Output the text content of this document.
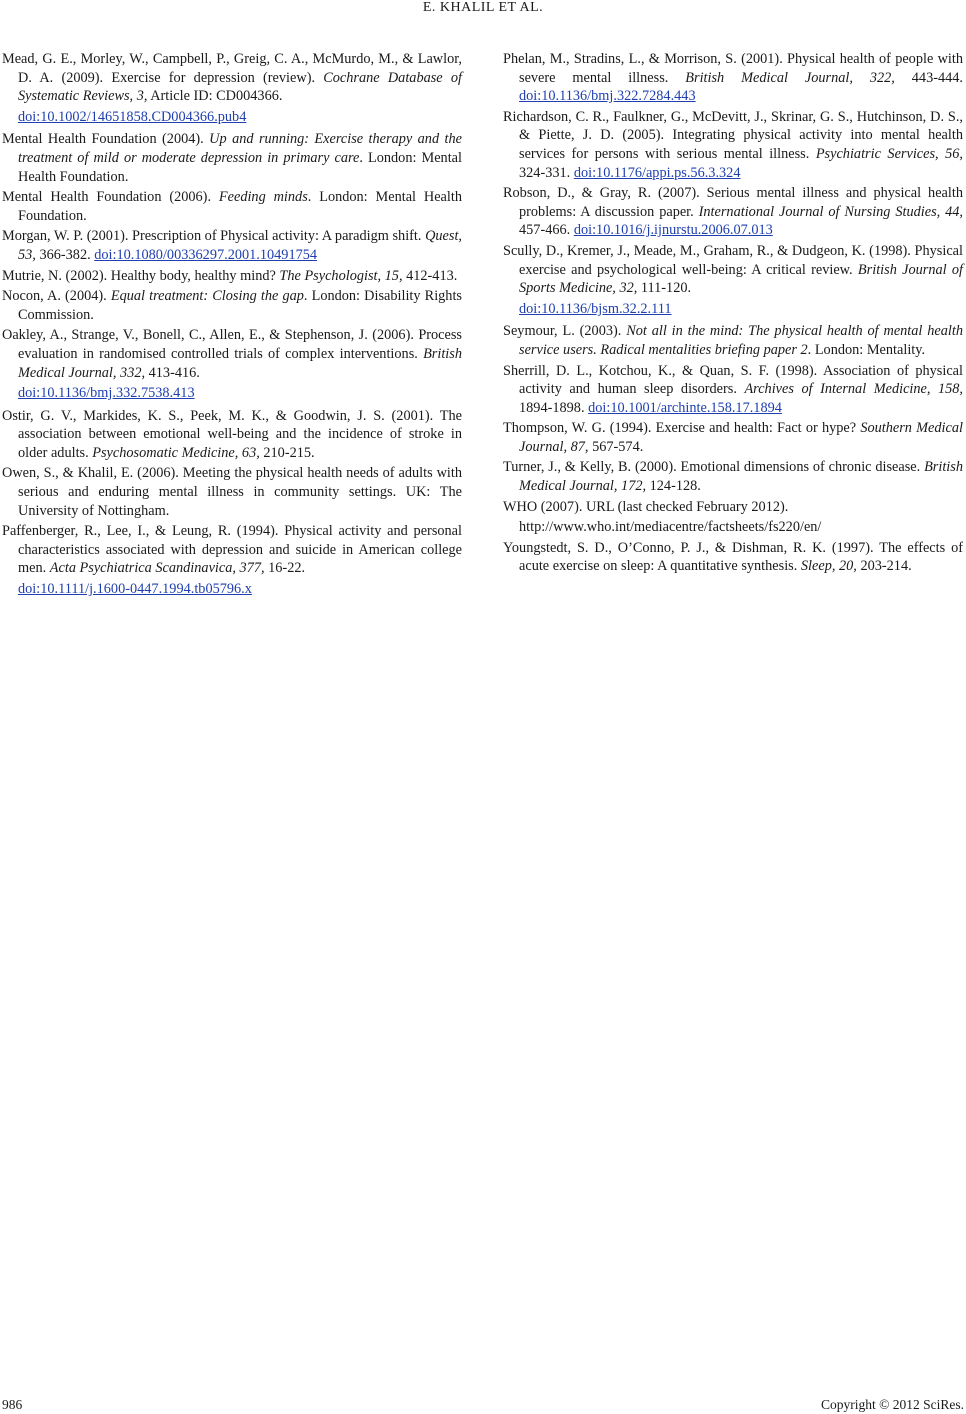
E. KHALIL ET AL.

Mead, G. E., Morley, W., Campbell, P., Greig, C. A., McMurdo, M., & Lawlor, D. A. (2009). Exercise for depression (review). Cochrane Database of Systematic Reviews, 3, Article ID: CD004366.
doi:10.1002/14651858.CD004366.pub4

Mental Health Foundation (2004). Up and running: Exercise therapy and the treatment of mild or moderate depression in primary care. London: Mental Health Foundation.

Mental Health Foundation (2006). Feeding minds. London: Mental Health Foundation.

Morgan, W. P. (2001). Prescription of Physical activity: A paradigm shift. Quest, 53, 366-382. doi:10.1080/00336297.2001.10491754

Mutrie, N. (2002). Healthy body, healthy mind? The Psychologist, 15, 412-413.

Nocon, A. (2004). Equal treatment: Closing the gap. London: Disability Rights Commission.

Oakley, A., Strange, V., Bonell, C., Allen, E., & Stephenson, J. (2006). Process evaluation in randomised controlled trials of complex interventions. British Medical Journal, 332, 413-416.
doi:10.1136/bmj.332.7538.413

Ostir, G. V., Markides, K. S., Peek, M. K., & Goodwin, J. S. (2001). The association between emotional well-being and the incidence of stroke in older adults. Psychosomatic Medicine, 63, 210-215.

Owen, S., & Khalil, E. (2006). Meeting the physical health needs of adults with serious and enduring mental illness in community settings. UK: The University of Nottingham.

Paffenberger, R., Lee, I., & Leung, R. (1994). Physical activity and personal characteristics associated with depression and suicide in American college men. Acta Psychiatrica Scandinavica, 377, 16-22.
doi:10.1111/j.1600-0447.1994.tb05796.x

Phelan, M., Stradins, L., & Morrison, S. (2001). Physical health of people with severe mental illness. British Medical Journal, 322, 443-444. doi:10.1136/bmj.322.7284.443

Richardson, C. R., Faulkner, G., McDevitt, J., Skrinar, G. S., Hutchinson, D. S., & Piette, J. D. (2005). Integrating physical activity into mental health services for persons with serious mental illness. Psychiatric Services, 56, 324-331. doi:10.1176/appi.ps.56.3.324

Robson, D., & Gray, R. (2007). Serious mental illness and physical health problems: A discussion paper. International Journal of Nursing Studies, 44, 457-466. doi:10.1016/j.ijnurstu.2006.07.013

Scully, D., Kremer, J., Meade, M., Graham, R., & Dudgeon, K. (1998). Physical exercise and psychological well-being: A critical review. British Journal of Sports Medicine, 32, 111-120.
doi:10.1136/bjsm.32.2.111

Seymour, L. (2003). Not all in the mind: The physical health of mental health service users. Radical mentalities briefing paper 2. London: Mentality.

Sherrill, D. L., Kotchou, K., & Quan, S. F. (1998). Association of physical activity and human sleep disorders. Archives of Internal Medicine, 158, 1894-1898. doi:10.1001/archinte.158.17.1894

Thompson, W. G. (1994). Exercise and health: Fact or hype? Southern Medical Journal, 87, 567-574.

Turner, J., & Kelly, B. (2000). Emotional dimensions of chronic disease. British Medical Journal, 172, 124-128.

WHO (2007). URL (last checked February 2012).
http://www.who.int/mediacentre/factsheets/fs220/en/

Youngstedt, S. D., O’Conno, P. J., & Dishman, R. K. (1997). The effects of acute exercise on sleep: A quantitative synthesis. Sleep, 20, 203-214.

986	Copyright © 2012 SciRes.
